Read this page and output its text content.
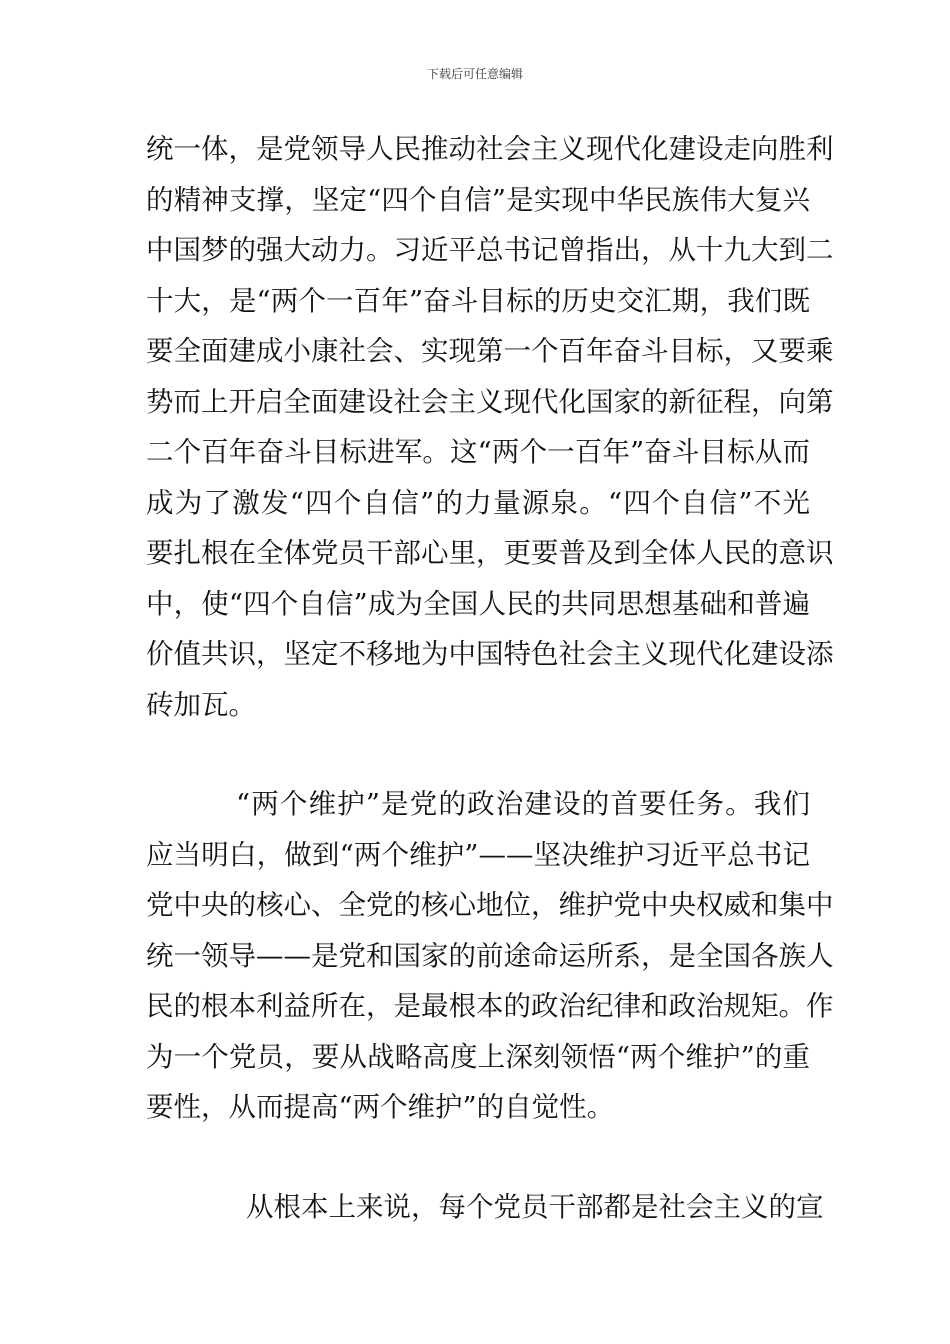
下载后可任意编辑
统一体，是党领导人民推动社会主义现代化建设走向胜利
的精神支撑，坚定“四个自信”是实现中华民族伟大复兴
中国梦的强大动力。习近平总书记曾指出，从十九大到二
十大，是“两个一百年”奋斗目标的历史交汇期，我们既
要全面建成小康社会、实现第一个百年奋斗目标，又要乘
势而上开启全面建设社会主义现代化国家的新征程，向第
二个百年奋斗目标进军。这“两个一百年”奋斗目标从而
成为了激发“四个自信”的力量源泉。“四个自信”不光
要扎根在全体党员干部心里，更要普及到全体人民的意识
中，使“四个自信”成为全国人民的共同思想基础和普遍
价值共识，坚定不移地为中国特色社会主义现代化建设添
砖加瓦。
“两个维护”是党的政治建设的首要任务。我们
应当明白，做到“两个维护”——坚决维护习近平总书记
党中央的核心、全党的核心地位，维护党中央权威和集中
统一领导——是党和国家的前途命运所系，是全国各族人
民的根本利益所在，是最根本的政治纪律和政治规矩。作
为一个党员，要从战略高度上深刻领悟“两个维护”的重
要性，从而提高“两个维护”的自觉性。
从根本上来说，每个党员干部都是社会主义的宣
